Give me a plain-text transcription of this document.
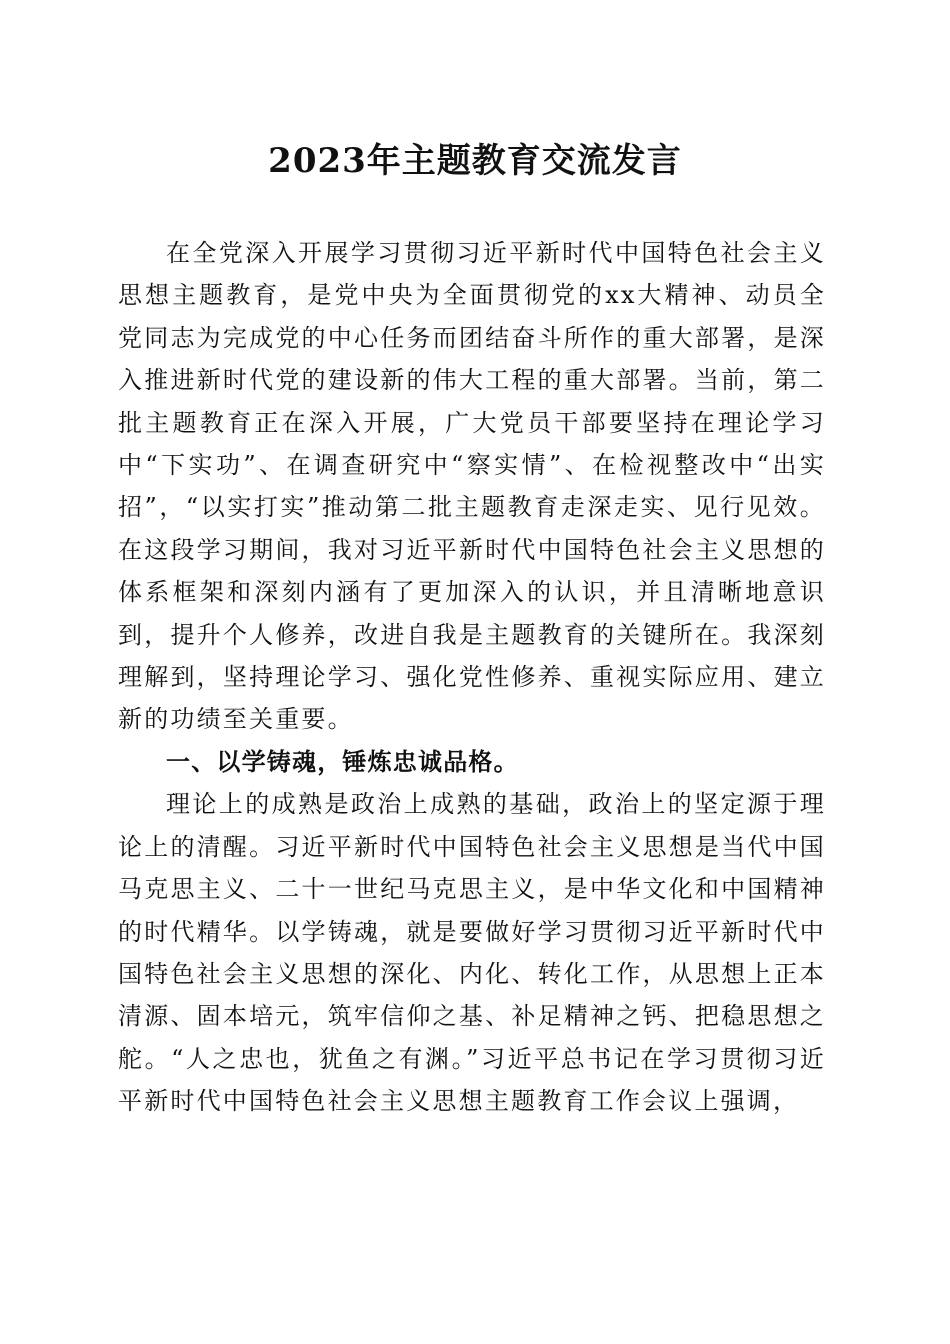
2023年主题教育交流发言

在全党深入开展学习贯彻习近平新时代中国特色社会主义思想主题教育，是党中央为全面贯彻党的xx大精神、动员全党同志为完成党的中心任务而团结奋斗所作的重大部署，是深入推进新时代党的建设新的伟大工程的重大部署。当前，第二批主题教育正在深入开展，广大党员干部要坚持在理论学习中“下实功”、在调查研究中“察实情”、在检视整改中“出实招”，“以实打实”推动第二批主题教育走深走实、见行见效。在这段学习期间，我对习近平新时代中国特色社会主义思想的体系框架和深刻内涵有了更加深入的认识，并且清晰地意识到，提升个人修养，改进自我是主题教育的关键所在。我深刻理解到，坚持理论学习、强化党性修养、重视实际应用、建立新的功绩至关重要。

一、以学铸魂，锤炼忠诚品格。

理论上的成熟是政治上成熟的基础，政治上的坚定源于理论上的清醒。习近平新时代中国特色社会主义思想是当代中国马克思主义、二十一世纪马克思主义，是中华文化和中国精神的时代精华。以学铸魂，就是要做好学习贯彻习近平新时代中国特色社会主义思想的深化、内化、转化工作，从思想上正本清源、固本培元，筑牢信仰之基、补足精神之钙、把稳思想之舵。“人之忠也，犹鱼之有渊。”习近平总书记在学习贯彻习近平新时代中国特色社会主义思想主题教育工作会议上强调，
